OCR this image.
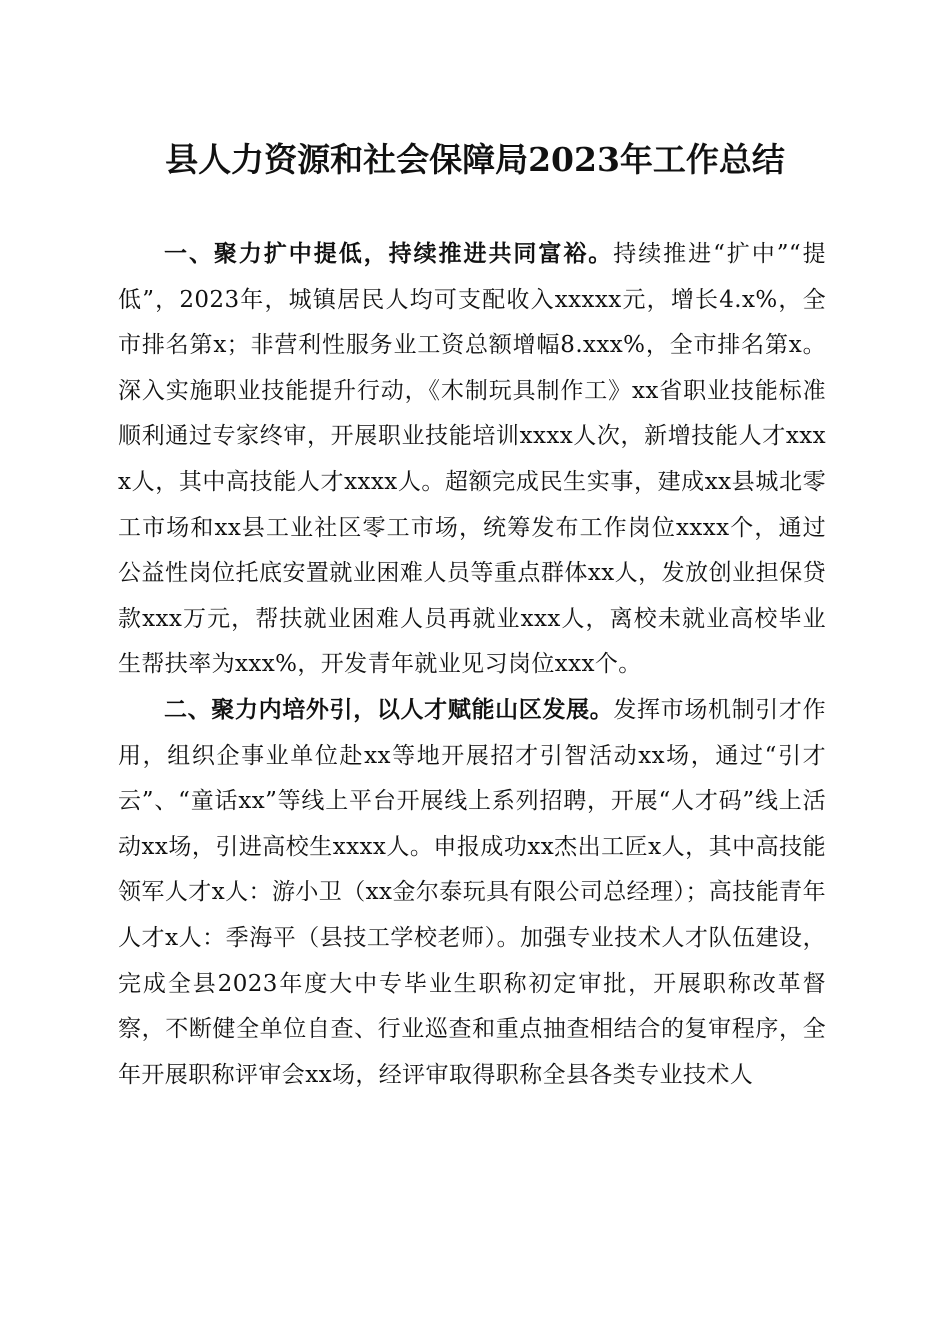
县人力资源和社会保障局2023年工作总结

一、聚力扩中提低，持续推进共同富裕。持续推进“扩中”“提低”，2023年，城镇居民人均可支配收入xxxxx元，增长4.x%，全市排名第x；非营利性服务业工资总额增幅8.xxx%，全市排名第x。深入实施职业技能提升行动，《木制玩具制作工》xx省职业技能标准顺利通过专家终审，开展职业技能培训xxxx人次，新增技能人才xxxx人，其中高技能人才xxxx人。超额完成民生实事，建成xx县城北零工市场和xx县工业社区零工市场，统筹发布工作岗位xxxx个，通过公益性岗位托底安置就业困难人员等重点群体xx人，发放创业担保贷款xxx万元，帮扶就业困难人员再就业xxx人，离校未就业高校毕业生帮扶率为xxx%，开发青年就业见习岗位xxx个。

二、聚力内培外引，以人才赋能山区发展。发挥市场机制引才作用，组织企事业单位赴xx等地开展招才引智活动xx场，通过“引才云”、“童话xx”等线上平台开展线上系列招聘，开展“人才码”线上活动xx场，引进高校生xxxx人。申报成功xx杰出工匠x人，其中高技能领军人才x人：游小卫（xx金尔泰玩具有限公司总经理）；高技能青年人才x人：季海平（县技工学校老师）。加强专业技术人才队伍建设，完成全县2023年度大中专毕业生职称初定审批，开展职称改革督察，不断健全单位自查、行业巡查和重点抽查相结合的复审程序，全年开展职称评审会xx场，经评审取得职称全县各类专业技术人
